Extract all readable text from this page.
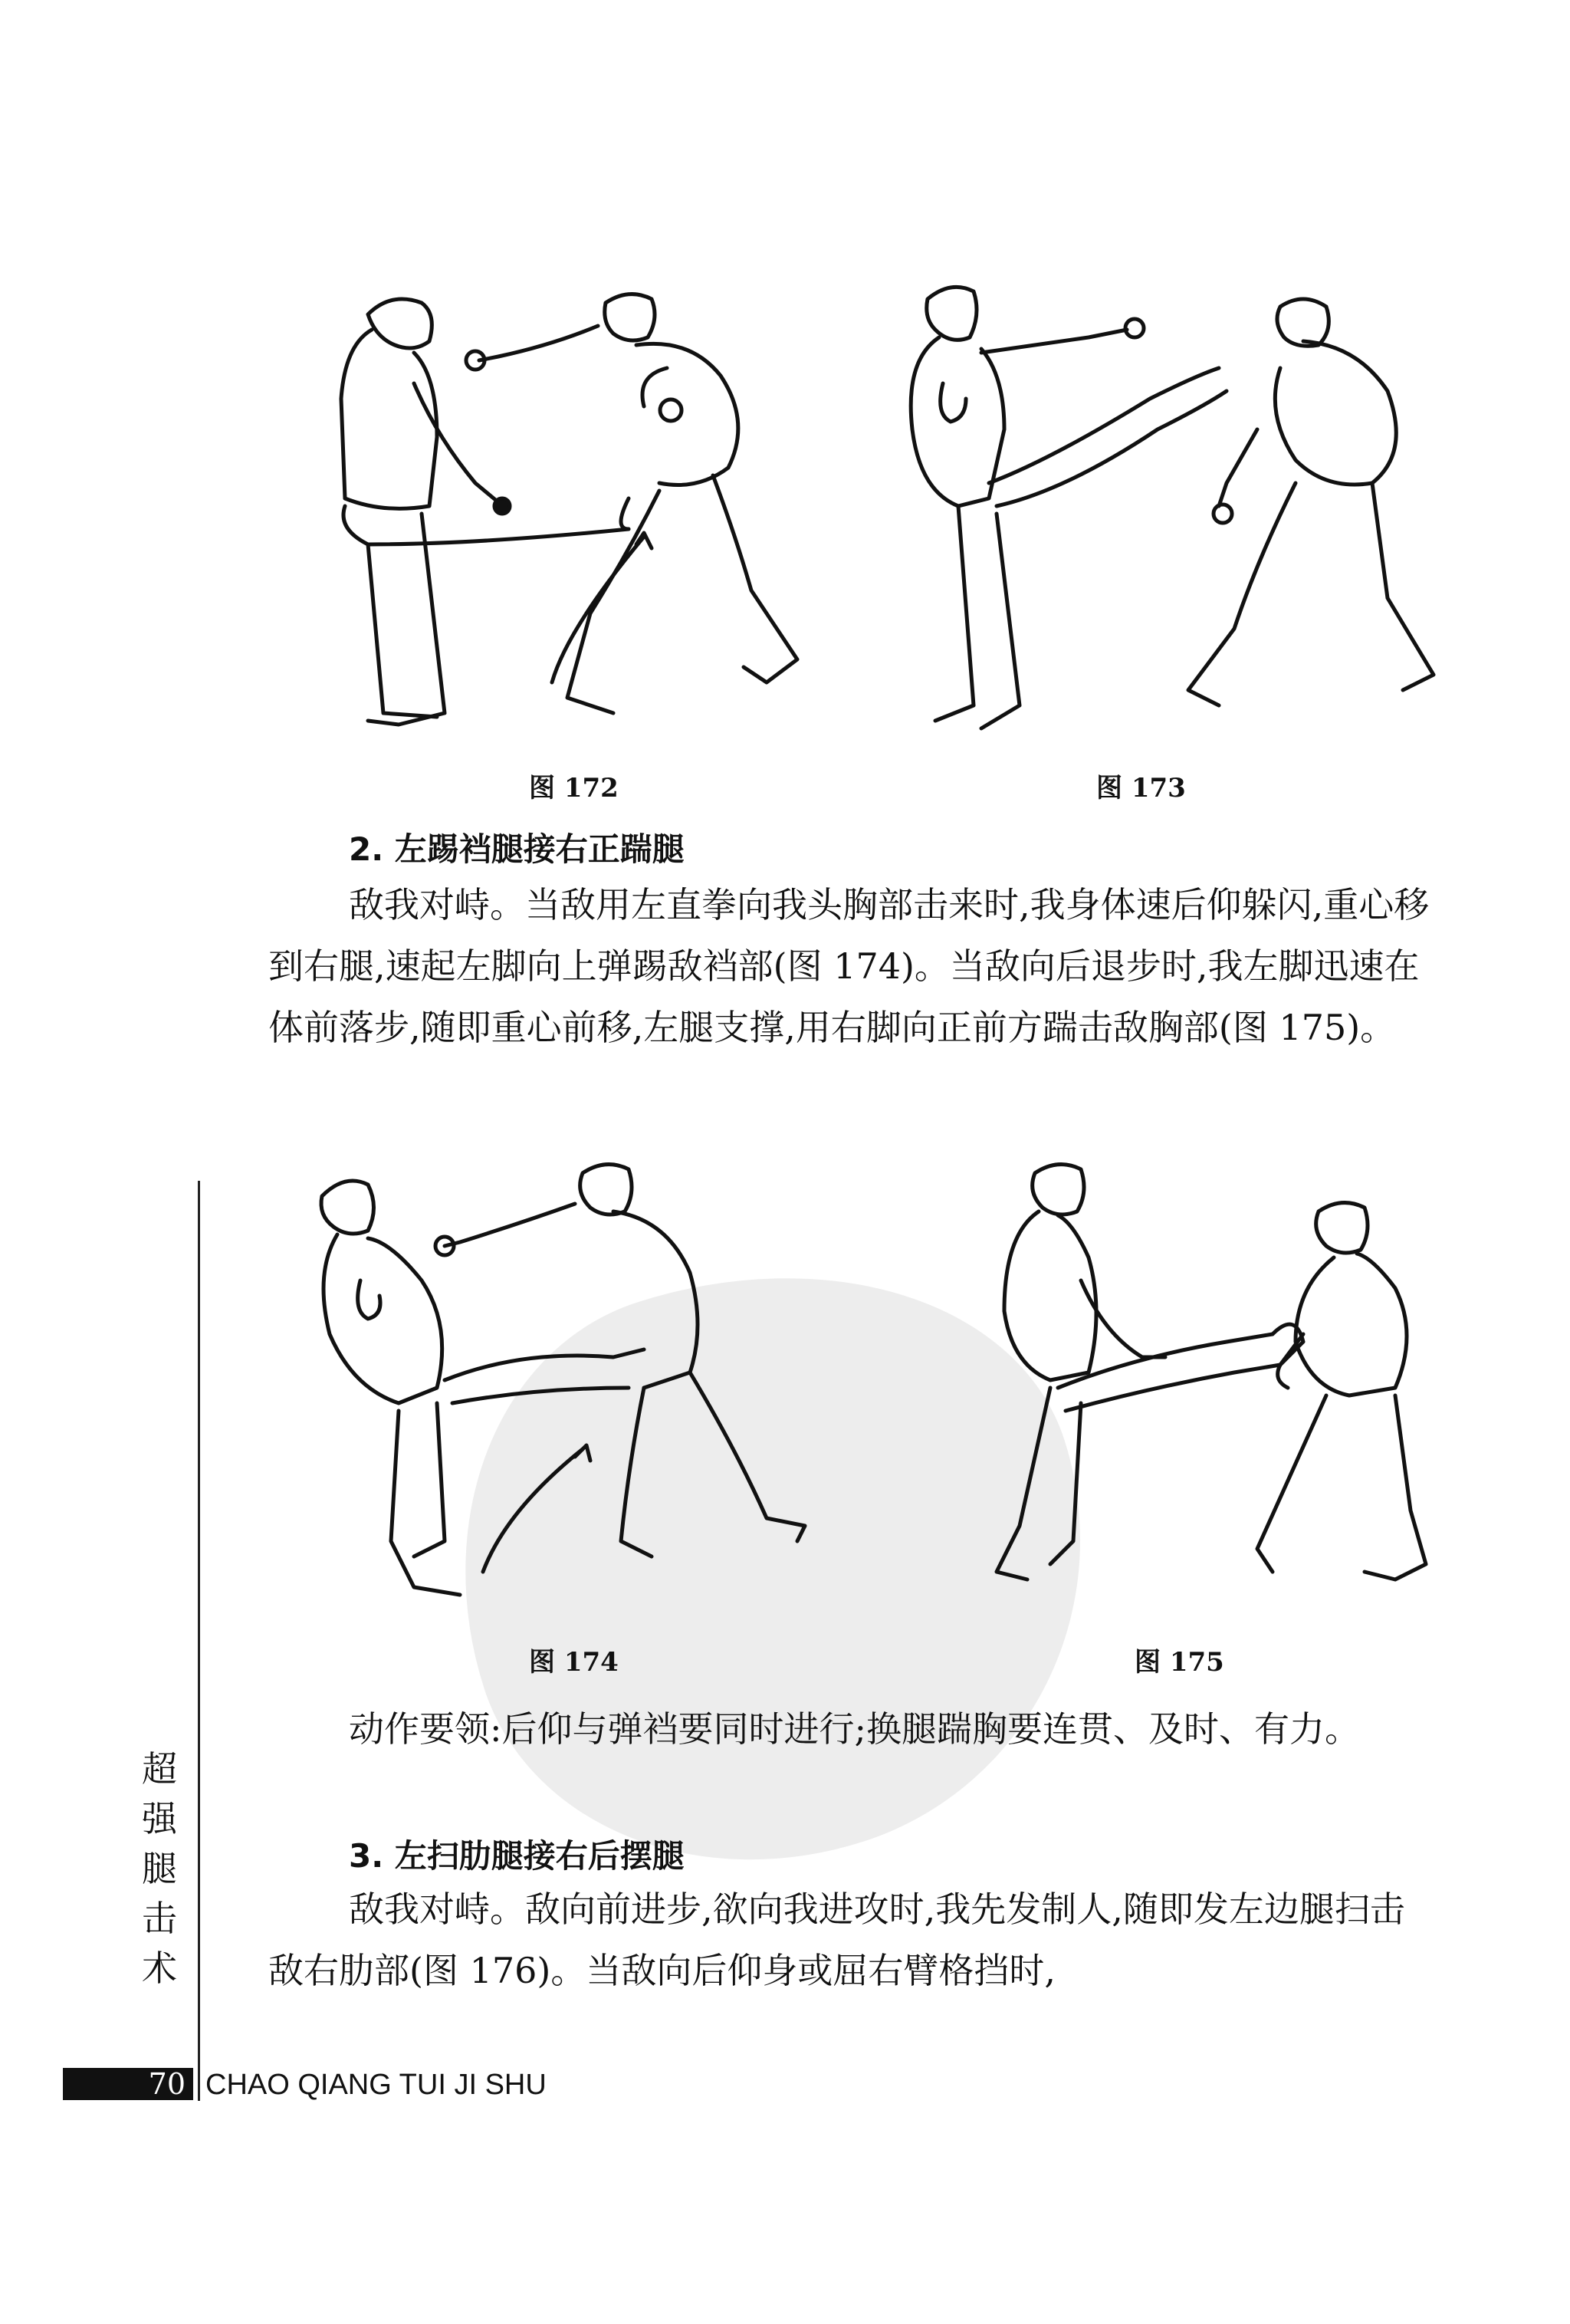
图 172	图 173
2. 左踢裆腿接右正踹腿

敌我对峙。当敌用左直拳向我头胸部击来时,我身体速后仰躲闪,重心移到右腿,速起左脚向上弹踢敌裆部(图 174)。当敌向后退步时,我左脚迅速在体前落步,随即重心前移,左腿支撑,用右脚向正前方踹击敌胸部(图 175)。

图 174	图 175

动作要领:后仰与弹裆要同时进行;换腿踹胸要连贯、及时、有力。

3. 左扫肋腿接右后摆腿

敌我对峙。敌向前进步,欲向我进攻时,我先发制人,随即发左边腿扫击敌右肋部(图 176)。当敌向后仰身或屈右臂格挡时,

超强腿击术
70 CHAO QIANG TUI JI SHU
